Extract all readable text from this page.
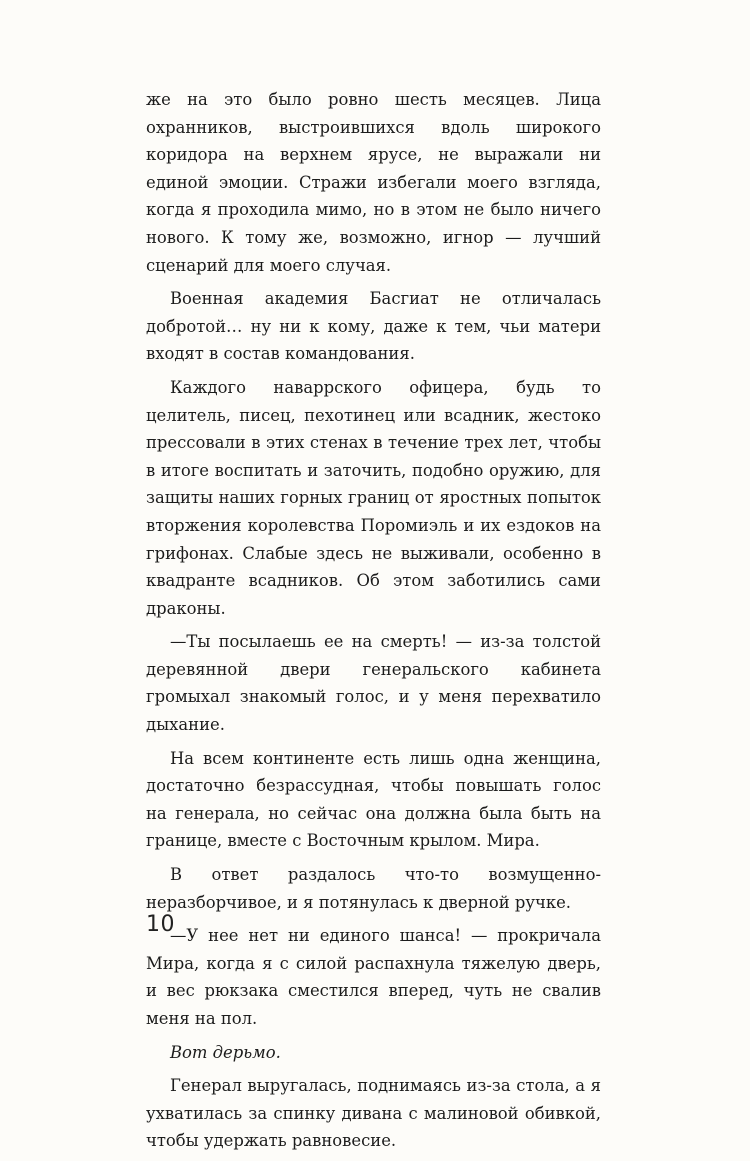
же на это было ровно шесть месяцев. Лица охранников, выстроившихся вдоль широкого коридора на верхнем ярусе, не выражали ни единой эмоции. Стражи избегали моего взгляда, когда я проходила мимо, но в этом не было ничего нового. К тому же, возможно, игнор — лучший сценарий для моего случая.

Военная академия Басгиат не отличалась добротой… ну ни к кому, даже к тем, чьи матери входят в состав командования.

Каждого наваррского офицера, будь то целитель, писец, пехотинец или всадник, жестоко прессовали в этих стенах в течение трех лет, чтобы в итоге воспитать и заточить, подобно оружию, для защиты наших горных границ от яростных попыток вторжения королевства Поромиэль и их ездоков на грифонах. Слабые здесь не выживали, особенно в квадранте всадников. Об этом заботились сами драконы.

—Ты посылаешь ее на смерть! — из-за толстой деревянной двери генеральского кабинета громыхал знакомый голос, и у меня перехватило дыхание.

На всем континенте есть лишь одна женщина, достаточно безрассудная, чтобы повышать голос на генерала, но сейчас она должна была быть на границе, вместе с Восточным крылом. Мира.

В ответ раздалось что-то возмущенно-неразборчивое, и я потянулась к дверной ручке.

—У нее нет ни единого шанса! — прокричала Мира, когда я с силой распахнула тяжелую дверь, и вес рюкзака сместился вперед, чуть не свалив меня на пол.

Вот дерьмо.

Генерал выругалась, поднимаясь из-за стола, а я ухватилась за спинку дивана с малиновой обивкой, чтобы удержать равновесие.

10
